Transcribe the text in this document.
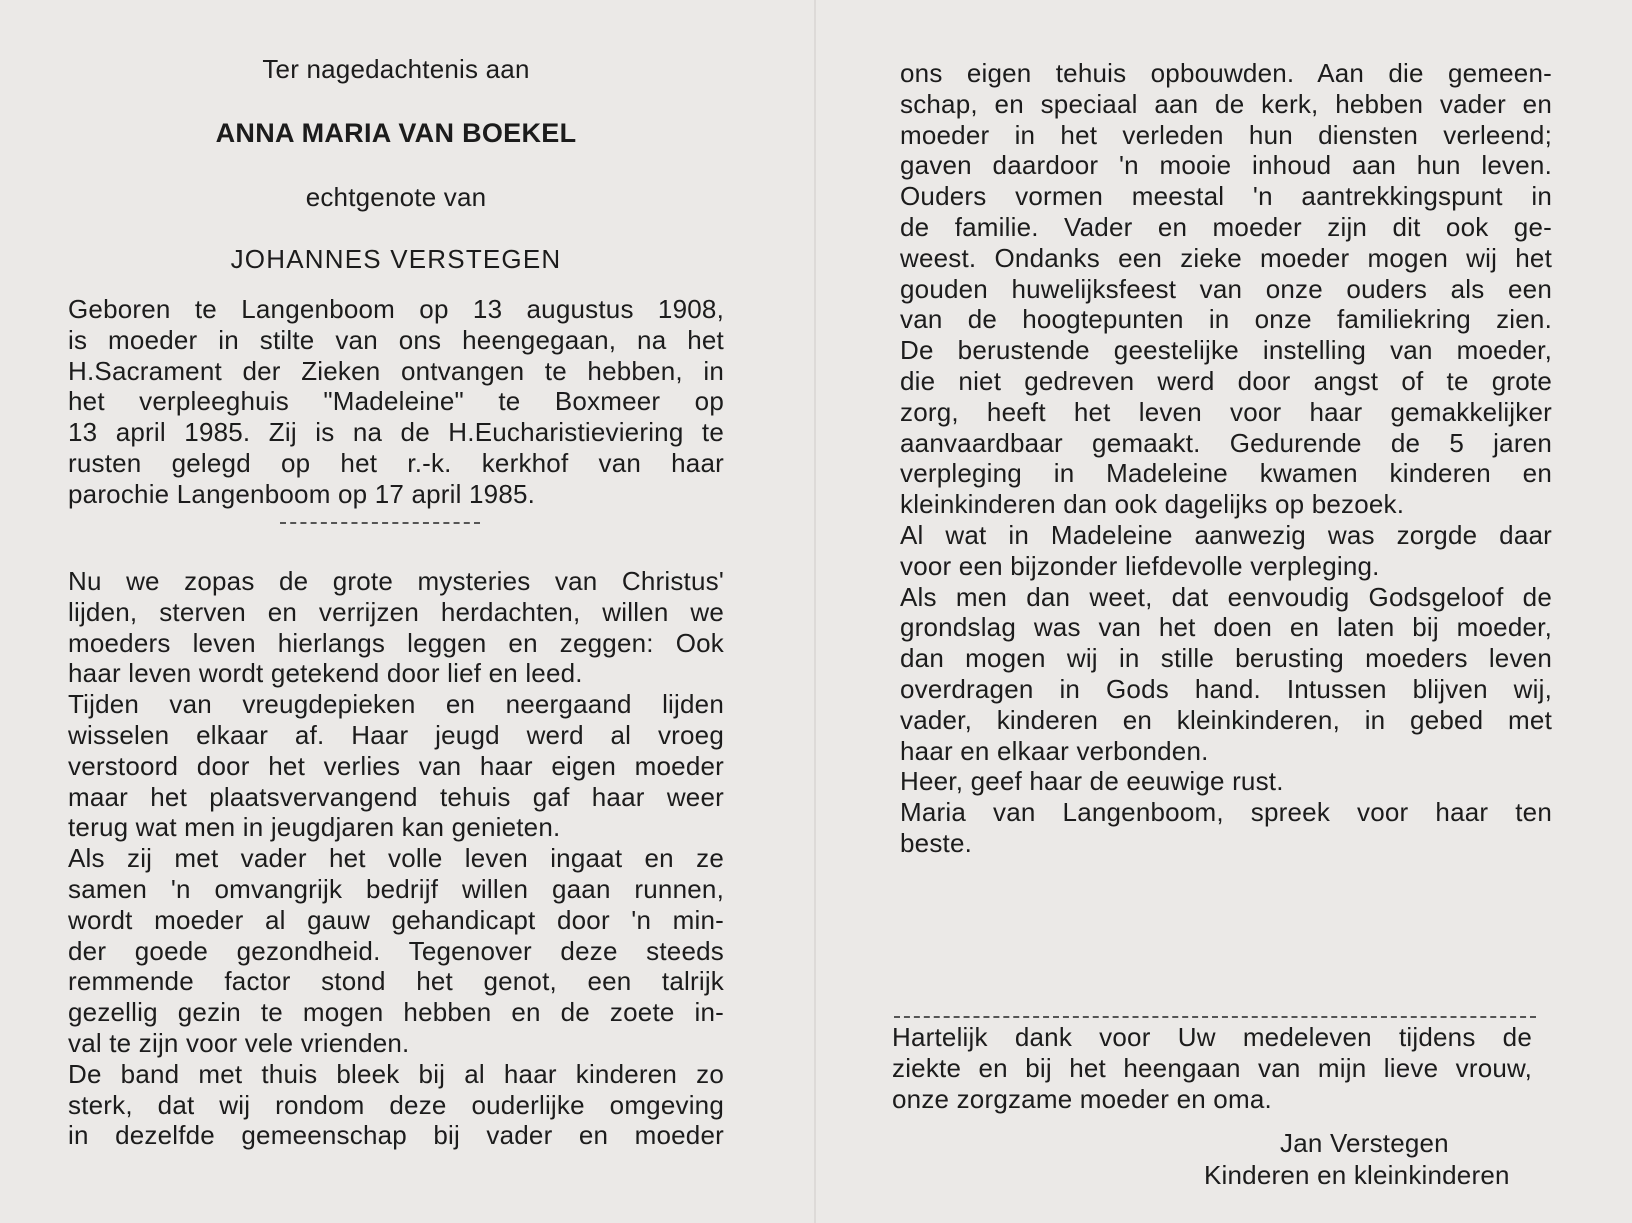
Ter nagedachtenis aan
ANNA MARIA VAN BOEKEL
echtgenote van
JOHANNES VERSTEGEN
Geboren te Langenboom op 13 augustus 1908,
is moeder in stilte van ons heengegaan, na het
H.Sacrament der Zieken ontvangen te hebben, in
het verpleeghuis "Madeleine" te Boxmeer op
13 april 1985. Zij is na de H.Eucharistieviering te
rusten gelegd op het r.-k. kerkhof van haar
parochie Langenboom op 17 april 1985.
Nu we zopas de grote mysteries van Christus'
lijden, sterven en verrijzen herdachten, willen we
moeders leven hierlangs leggen en zeggen: Ook
haar leven wordt getekend door lief en leed.
Tijden van vreugdepieken en neergaand lijden
wisselen elkaar af. Haar jeugd werd al vroeg
verstoord door het verlies van haar eigen moeder
maar het plaatsvervangend tehuis gaf haar weer
terug wat men in jeugdjaren kan genieten.
Als zij met vader het volle leven ingaat en ze
samen 'n omvangrijk bedrijf willen gaan runnen,
wordt moeder al gauw gehandicapt door 'n min-
der goede gezondheid. Tegenover deze steeds
remmende factor stond het genot, een talrijk
gezellig gezin te mogen hebben en de zoete in-
val te zijn voor vele vrienden.
De band met thuis bleek bij al haar kinderen zo
sterk, dat wij rondom deze ouderlijke omgeving
in dezelfde gemeenschap bij vader en moeder
ons eigen tehuis opbouwden. Aan die gemeen-
schap, en speciaal aan de kerk, hebben vader en
moeder in het verleden hun diensten verleend;
gaven daardoor 'n mooie inhoud aan hun leven.
Ouders vormen meestal 'n aantrekkingspunt in
de familie. Vader en moeder zijn dit ook ge-
weest. Ondanks een zieke moeder mogen wij het
gouden huwelijksfeest van onze ouders als een
van de hoogtepunten in onze familiekring zien.
De berustende geestelijke instelling van moeder,
die niet gedreven werd door angst of te grote
zorg, heeft het leven voor haar gemakkelijker
aanvaardbaar gemaakt. Gedurende de 5 jaren
verpleging in Madeleine kwamen kinderen en
kleinkinderen dan ook dagelijks op bezoek.
Al wat in Madeleine aanwezig was zorgde daar
voor een bijzonder liefdevolle verpleging.
Als men dan weet, dat eenvoudig Godsgeloof de
grondslag was van het doen en laten bij moeder,
dan mogen wij in stille berusting moeders leven
overdragen in Gods hand. Intussen blijven wij,
vader, kinderen en kleinkinderen, in gebed met
haar en elkaar verbonden.
Heer, geef haar de eeuwige rust.
Maria van Langenboom, spreek voor haar ten
beste.
Hartelijk dank voor Uw medeleven tijdens de
ziekte en bij het heengaan van mijn lieve vrouw,
onze zorgzame moeder en oma.
Jan Verstegen
Kinderen en kleinkinderen
